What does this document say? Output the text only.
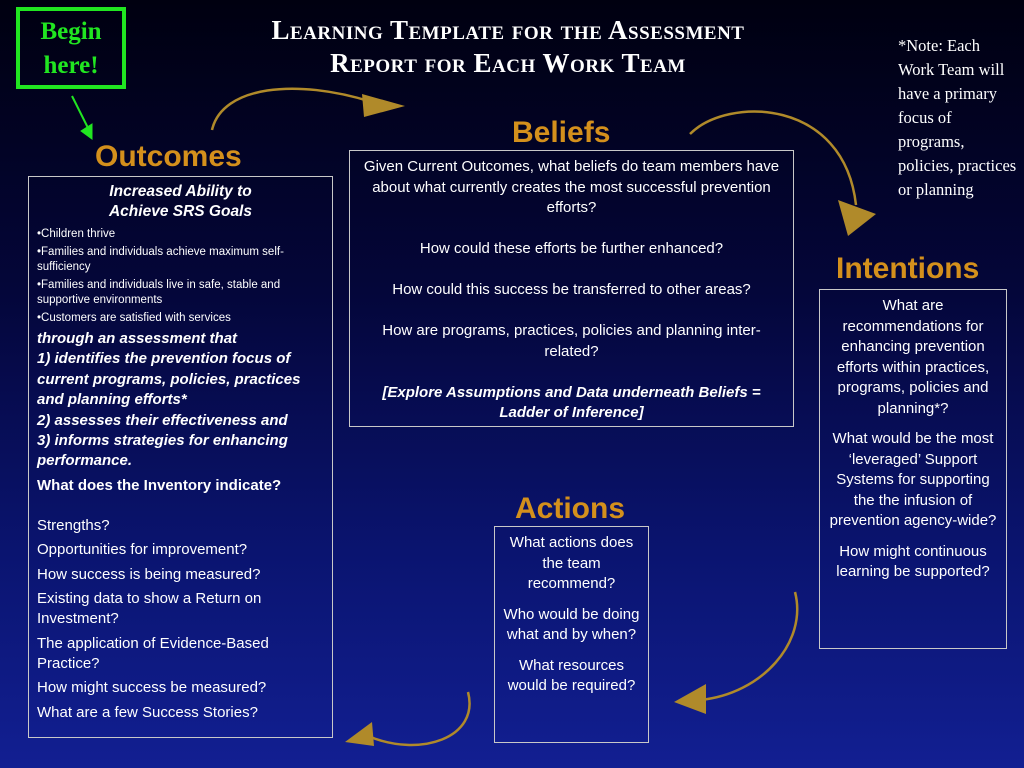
Begin
here!
Learning Template for the Assessment
Report for Each Work Team
*Note: Each Work Team will have a primary focus of programs, policies, practices or planning
Outcomes
Beliefs
Intentions
Actions
Increased Ability to
Achieve SRS Goals
•Children thrive
•Families and individuals achieve maximum self-sufficiency
•Families and individuals live in safe, stable and supportive environments
•Customers are satisfied with services
through an assessment that
1) identifies the prevention focus of current programs, policies, practices and planning efforts*
2) assesses their effectiveness and
3) informs strategies for enhancing performance.
What does the Inventory indicate?
Strengths?
Opportunities for improvement?
How success is being measured?
Existing data to show a Return on Investment?
The application of Evidence-Based Practice?
How might success be measured?
What are a few Success Stories?

Given Current Outcomes, what beliefs do team members have about what currently creates the most successful prevention efforts?

How could these efforts be further enhanced?

How could this success be transferred to other areas?

How are programs, practices, policies and planning inter-related?

[Explore Assumptions and Data underneath Beliefs = Ladder of Inference]

What are recommendations for enhancing prevention efforts within practices, programs, policies and planning*?

What would be the most ‘leveraged’ Support Systems for supporting the the infusion of prevention agency-wide?

How might continuous learning be supported?

What actions does the team recommend?

Who would be doing what and by when?

What resources would be required?
